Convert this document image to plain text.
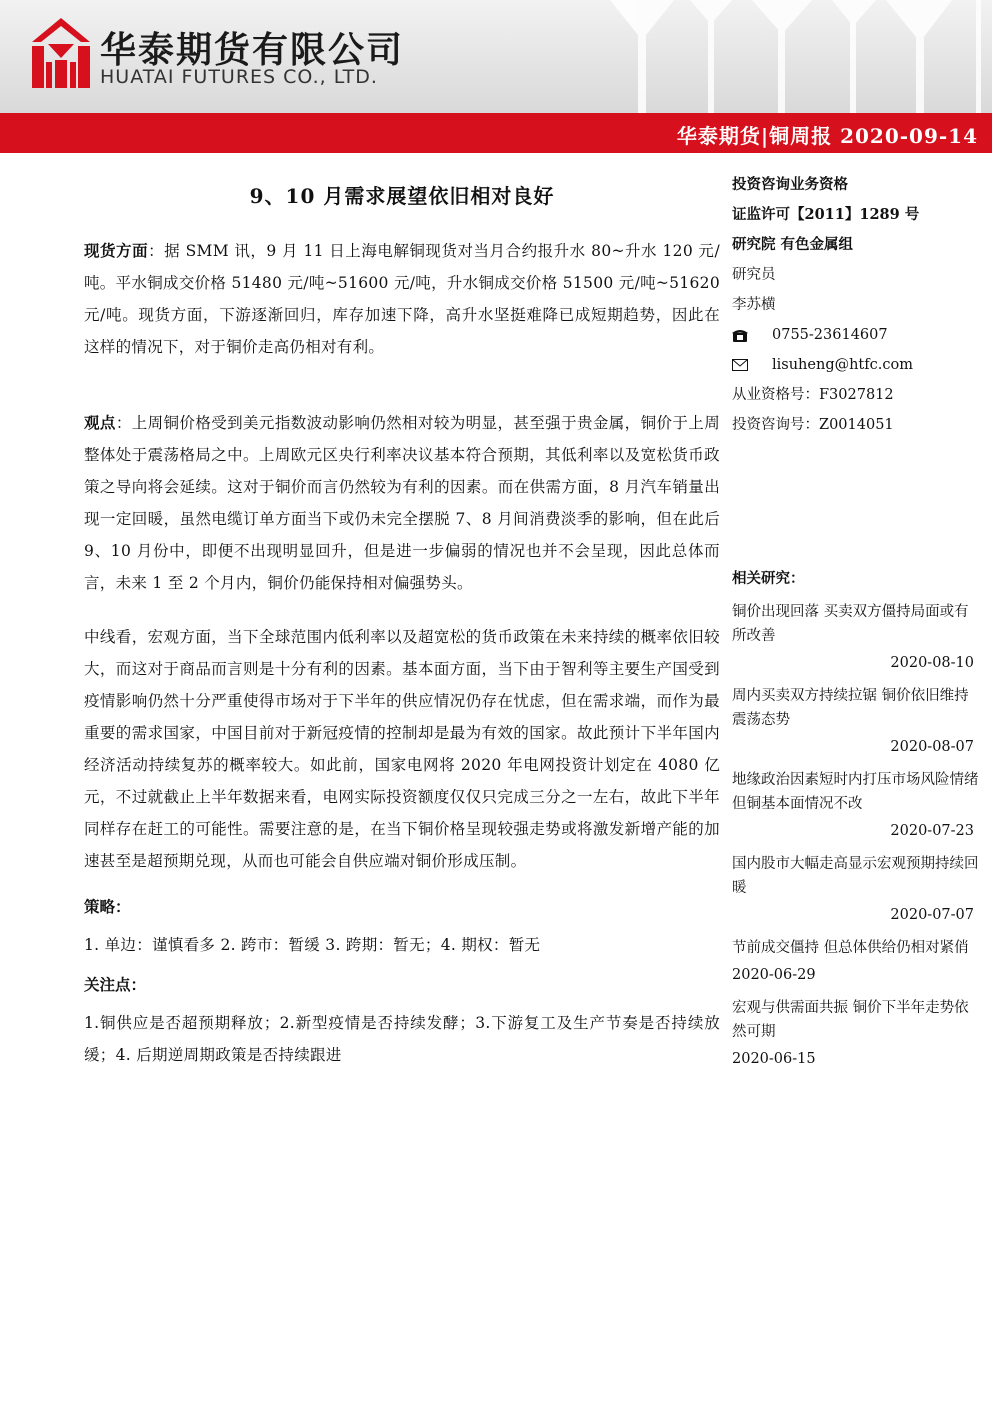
华泰期货有限公司
HUATAI FUTURES CO., LTD.
华泰期货|铜周报 2020-09-14
9、10 月需求展望依旧相对良好

现货方面：据 SMM 讯，9 月 11 日上海电解铜现货对当月合约报升水 80~升水 120 元/吨。平水铜成交价格 51480 元/吨~51600 元/吨，升水铜成交价格 51500 元/吨~51620 元/吨。现货方面，下游逐渐回归，库存加速下降，高升水坚挺难降已成短期趋势，因此在这样的情况下，对于铜价走高仍相对有利。

观点：上周铜价格受到美元指数波动影响仍然相对较为明显，甚至强于贵金属，铜价于上周整体处于震荡格局之中。上周欧元区央行利率决议基本符合预期，其低利率以及宽松货币政策之导向将会延续。这对于铜价而言仍然较为有利的因素。而在供需方面，8 月汽车销量出现一定回暖，虽然电缆订单方面当下或仍未完全摆脱 7、8 月间消费淡季的影响，但在此后 9、10 月份中，即便不出现明显回升，但是进一步偏弱的情况也并不会呈现，因此总体而言，未来 1 至 2 个月内，铜价仍能保持相对偏强势头。

中线看，宏观方面，当下全球范围内低利率以及超宽松的货币政策在未来持续的概率依旧较大，而这对于商品而言则是十分有利的因素。基本面方面，当下由于智利等主要生产国受到疫情影响仍然十分严重使得市场对于下半年的供应情况仍存在忧虑，但在需求端，而作为最重要的需求国家，中国目前对于新冠疫情的控制却是最为有效的国家。故此预计下半年国内经济活动持续复苏的概率较大。如此前，国家电网将 2020 年电网投资计划定在 4080 亿元，不过就截止上半年数据来看，电网实际投资额度仅仅只完成三分之一左右，故此下半年同样存在赶工的可能性。需要注意的是，在当下铜价格呈现较强走势或将激发新增产能的加速甚至是超预期兑现，从而也可能会自供应端对铜价形成压制。

策略：

1. 单边：谨慎看多 2. 跨市：暂缓 3. 跨期：暂无；4. 期权：暂无

关注点：

1.铜供应是否超预期释放；2.新型疫情是否持续发酵；3.下游复工及生产节奏是否持续放缓；4. 后期逆周期政策是否持续跟进

投资咨询业务资格
证监许可【2011】1289 号
研究院 有色金属组
研究员
李苏横
0755-23614607
lisuheng@htfc.com
从业资格号：F3027812
投资咨询号：Z0014051
相关研究：
铜价出现回落 买卖双方僵持局面或有所改善
2020-08-10
周内买卖双方持续拉锯 铜价依旧维持震荡态势
2020-08-07
地缘政治因素短时内打压市场风险情绪 但铜基本面情况不改
2020-07-23
国内股市大幅走高显示宏观预期持续回暖
2020-07-07
节前成交僵持 但总体供给仍相对紧俏
2020-06-29
宏观与供需面共振 铜价下半年走势依然可期
2020-06-15
